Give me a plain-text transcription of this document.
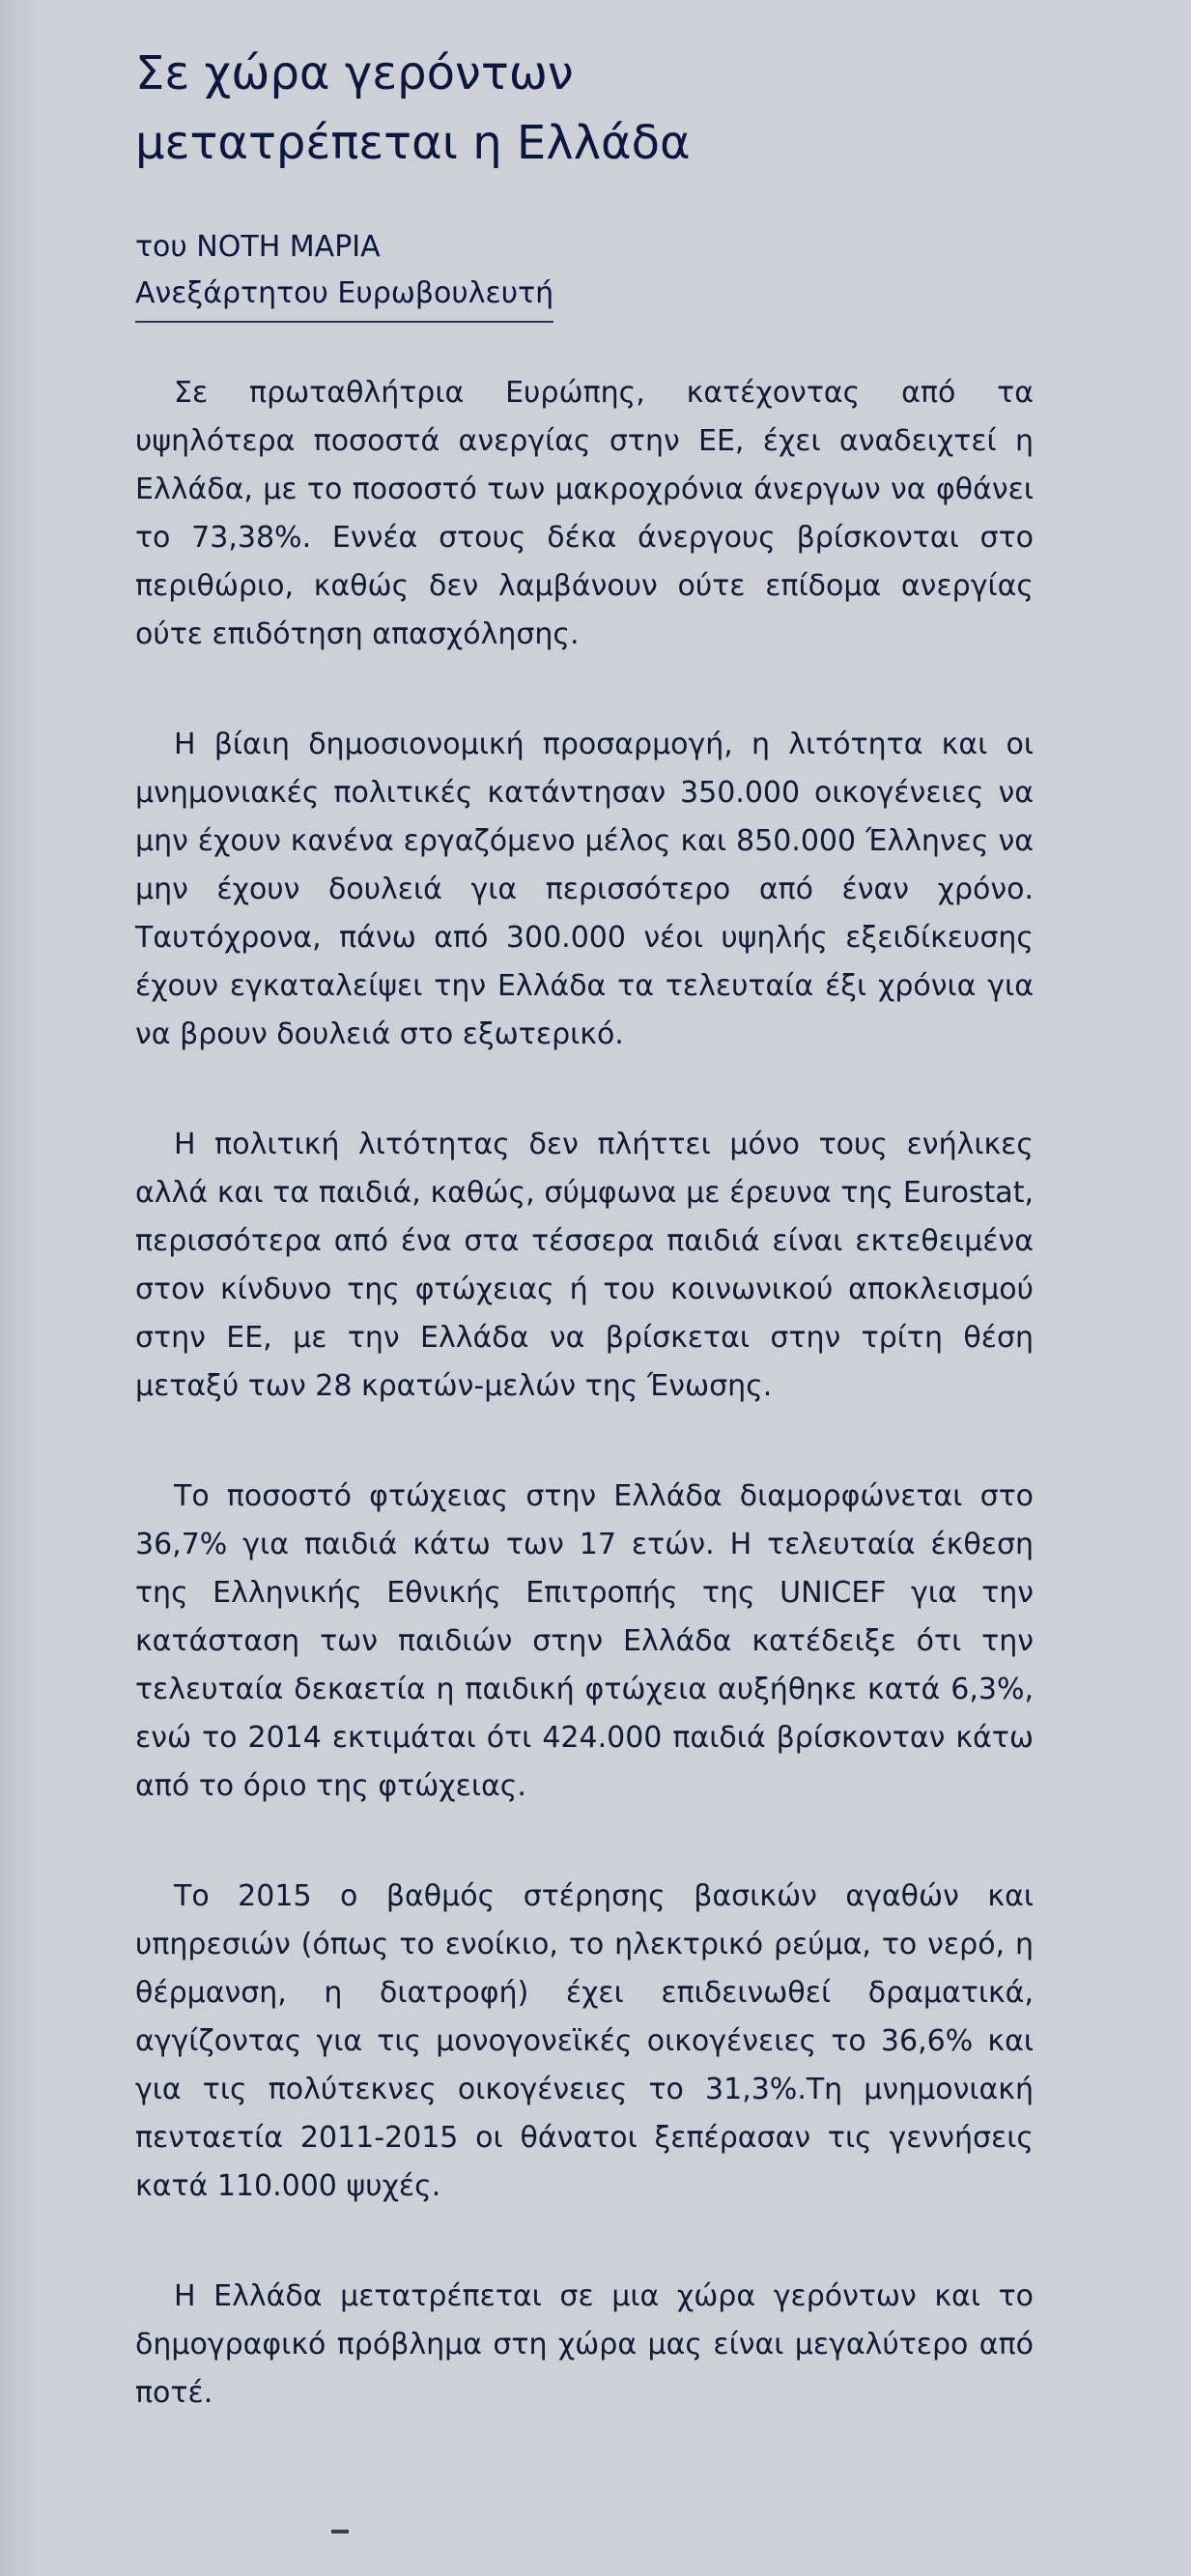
Σε χώρα γερόντων μετατρέπεται η Ελλάδα
του ΝΟΤΗ ΜΑΡΙΑ
Ανεξάρτητου Ευρωβουλευτή

Σε πρωταθλήτρια Ευρώπης, κατέχοντας από τα υψηλότερα ποσοστά ανεργίας στην ΕΕ, έχει αναδειχτεί η Ελλάδα, με το ποσοστό των μακροχρόνια άνεργων να φθάνει το 73,38%. Εννέα στους δέκα άνεργους βρίσκονται στο περιθώριο, καθώς δεν λαμβάνουν ούτε επίδομα ανεργίας ούτε επιδότηση απασχόλησης.

Η βίαιη δημοσιονομική προσαρμογή, η λιτότητα και οι μνημονιακές πολιτικές κατάντησαν 350.000 οικογένειες να μην έχουν κανένα εργαζόμενο μέλος και 850.000 Έλληνες να μην έχουν δουλειά για περισσότερο από έναν χρόνο. Ταυτόχρονα, πάνω από 300.000 νέοι υψηλής εξειδίκευσης έχουν εγκαταλείψει την Ελλάδα τα τελευταία έξι χρόνια για να βρουν δουλειά στο εξωτερικό.

Η πολιτική λιτότητας δεν πλήττει μόνο τους ενήλικες αλλά και τα παιδιά, καθώς, σύμφωνα με έρευνα της Eurostat, περισσότερα από ένα στα τέσσερα παιδιά είναι εκτεθειμένα στον κίνδυνο της φτώχειας ή του κοινωνικού αποκλεισμού στην ΕΕ, με την Ελλάδα να βρίσκεται στην τρίτη θέση μεταξύ των 28 κρατών-μελών της Ένωσης.

Το ποσοστό φτώχειας στην Ελλάδα διαμορφώνεται στο 36,7% για παιδιά κάτω των 17 ετών. Η τελευταία έκθεση της Ελληνικής Εθνικής Επιτροπής της UNICEF για την κατάσταση των παιδιών στην Ελλάδα κατέδειξε ότι την τελευταία δεκαετία η παιδική φτώχεια αυξήθηκε κατά 6,3%, ενώ το 2014 εκτιμάται ότι 424.000 παιδιά βρίσκονταν κάτω από το όριο της φτώχειας.

Το 2015 ο βαθμός στέρησης βασικών αγαθών και υπηρεσιών (όπως το ενοίκιο, το ηλεκτρικό ρεύμα, το νερό, η θέρμανση, η διατροφή) έχει επιδεινωθεί δραματικά, αγγίζοντας για τις μονογονεϊκές οικογένειες το 36,6% και για τις πολύτεκνες οικογένειες το 31,3%.Τη μνημονιακή πενταετία 2011-2015 οι θάνατοι ξεπέρασαν τις γεννήσεις κατά 110.000 ψυχές.

Η Ελλάδα μετατρέπεται σε μια χώρα γερόντων και το δημογραφικό πρόβλημα στη χώρα μας είναι μεγαλύτερο από ποτέ.
